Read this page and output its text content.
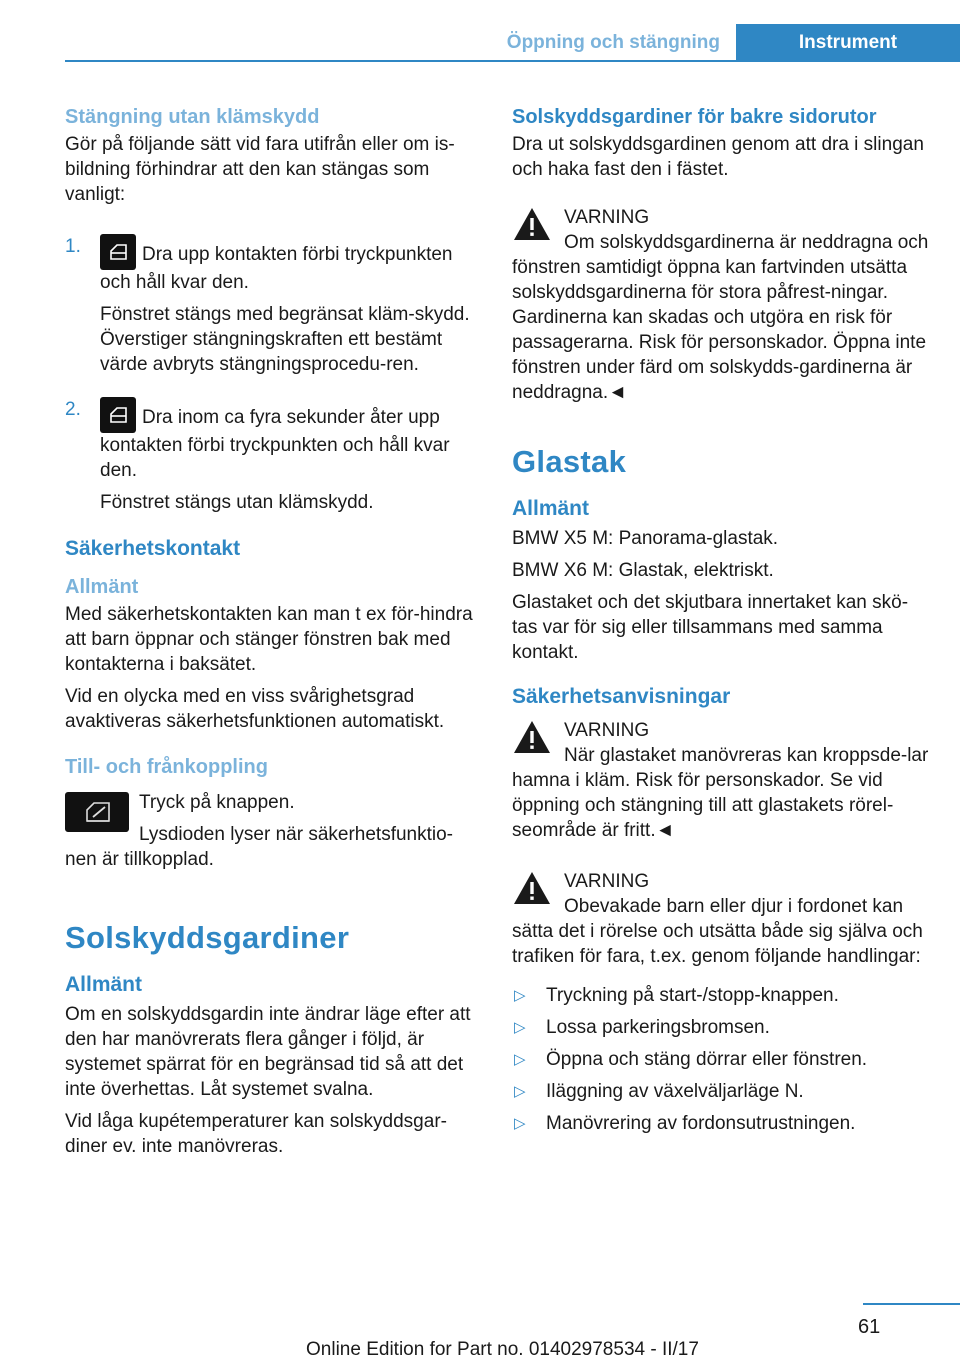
Öppning och stängning	Instrument
Stängning utan klämskydd

Gör på följande sätt vid fara utifrån eller om is-bildning förhindrar att den kan stängas som vanligt:

1.	Dra upp kontakten förbi tryckpunkten och håll kvar den.

Fönstret stängs med begränsat kläm-skydd. Överstiger stängningskraften ett bestämt värde avbryts stängningsprocedu-ren.

2.	Dra inom ca fyra sekunder åter upp kontakten förbi tryckpunkten och håll kvar den.

Fönstret stängs utan klämskydd.

Säkerhetskontakt
Allmänt

Med säkerhetskontakten kan man t ex för-hindra att barn öppnar och stänger fönstren bak med kontakterna i baksätet.

Vid en olycka med en viss svårighetsgrad avaktiveras säkerhetsfunktionen automatiskt.

Till- och frånkoppling

Tryck på knappen.

Lysdioden lyser när säkerhetsfunktio-nen är tillkopplad.

Solskyddsgardiner
Allmänt

Om en solskyddsgardin inte ändrar läge efter att den har manövrerats flera gånger i följd, är systemet spärrat för en begränsad tid så att det inte överhettas. Låt systemet svalna.

Vid låga kupétemperaturer kan solskyddsgar-diner ev. inte manövreras.

Solskyddsgardiner för bakre sidorutor

Dra ut solskyddsgardinen genom att dra i slingan och haka fast den i fästet.

VARNING
Om solskyddsgardinerna är neddragna och fönstren samtidigt öppna kan fartvinden utsätta solskyddsgardinerna för stora påfrest-ningar. Gardinerna kan skadas och utgöra en risk för passagerarna. Risk för personskador. Öppna inte fönstren under färd om solskydds-gardinerna är neddragna.◄
Glastak
Allmänt

BMW X5 M: Panorama-glastak.

BMW X6 M: Glastak, elektriskt.

Glastaket och det skjutbara innertaket kan skö-tas var för sig eller tillsammans med samma kontakt.

Säkerhetsanvisningar
VARNING
När glastaket manövreras kan kroppsde-lar hamna i kläm. Risk för personskador. Se vid öppning och stängning till att glastakets rörel-seområde är fritt.◄
VARNING
Obevakade barn eller djur i fordonet kan sätta det i rörelse och utsätta både sig själva och trafiken för fara, t.ex. genom följande handlingar:
▷ Tryckning på start-/stopp-knappen.
▷ Lossa parkeringsbromsen.
▷ Öppna och stäng dörrar eller fönstren.
▷ Iläggning av växelväljarläge N.
▷ Manövrering av fordonsutrustningen.
61
Online Edition for Part no. 01402978534 - II/17
